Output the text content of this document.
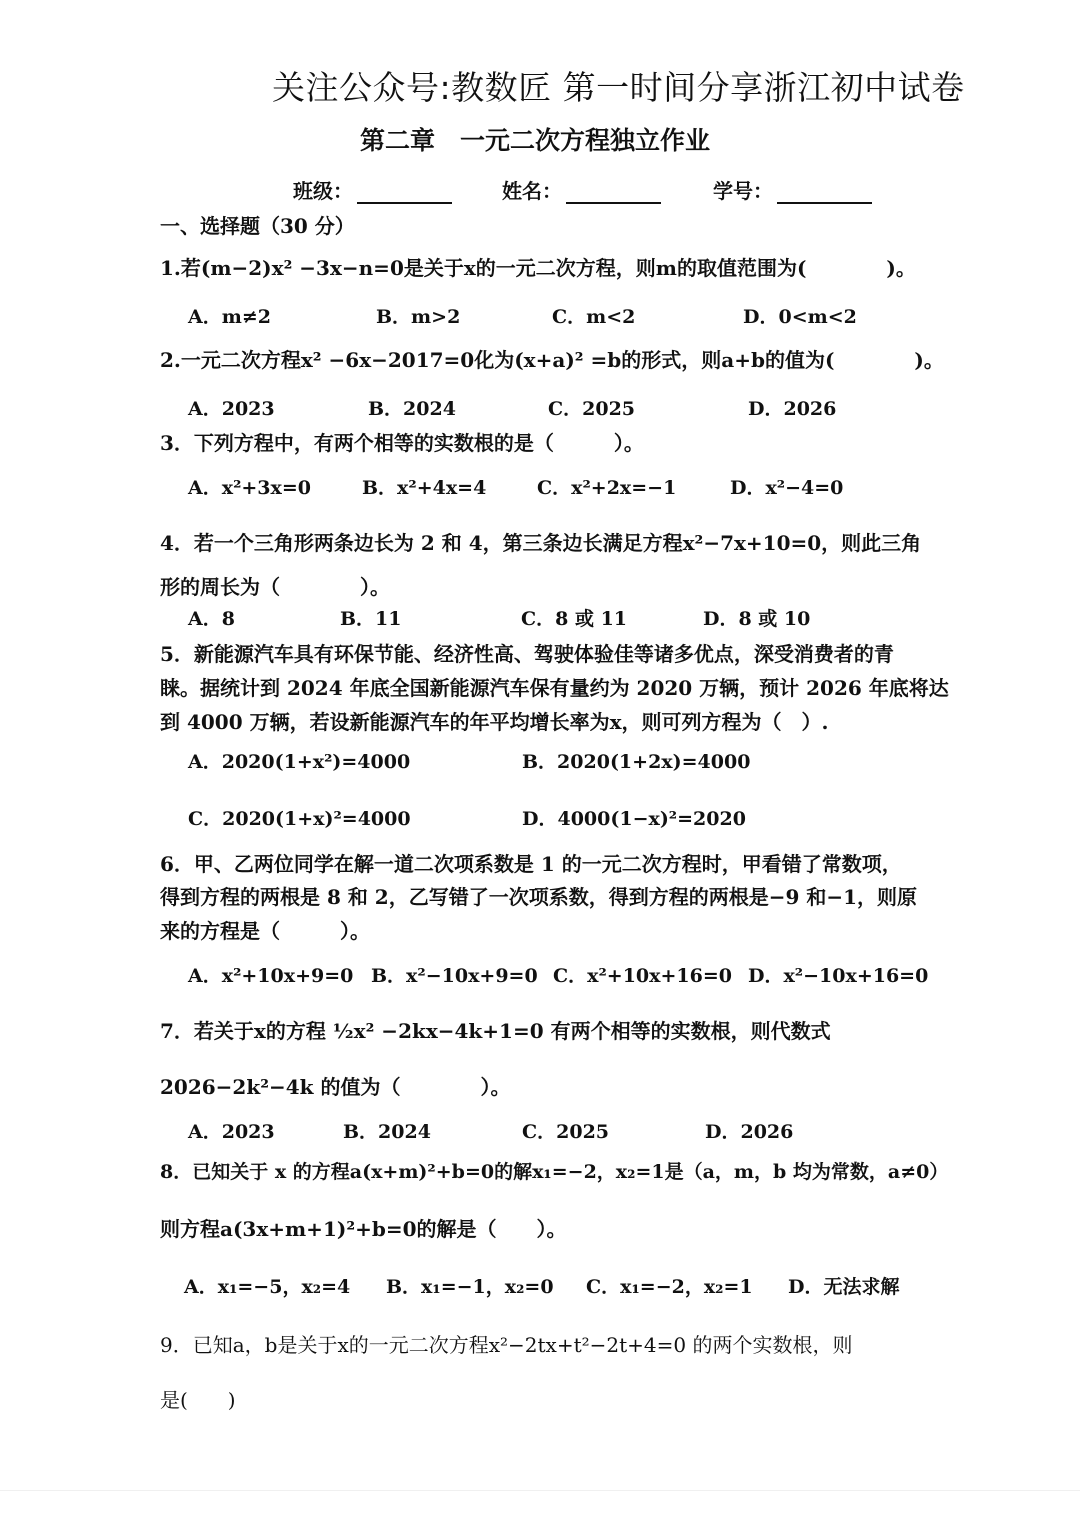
关注公众号:教数匠 第一时间分享浙江初中试卷
第二章　一元二次方程独立作业
班级：	姓名：	学号：
一、选择题（30 分）
1.若(m−2)x² −3x−n=0是关于x的一元二次方程，则m的取值范围为(　　　　)。
A．m≠2	B．m>2	C．m<2	D．0<m<2
2.一元二次方程x² −6x−2017=0化为(x+a)² =b的形式，则a+b的值为(　　　　)。
A．2023	B．2024	C．2025	D．2026
3．下列方程中，有两个相等的实数根的是（　　　）。
A．x²+3x=0	B．x²+4x=4	C．x²+2x=−1	D．x²−4=0
4．若一个三角形两条边长为 2 和 4，第三条边长满足方程x²−7x+10=0，则此三角
形的周长为（　　　　）。
A．8	B．11	C．8 或 11	D．8 或 10
5．新能源汽车具有环保节能、经济性高、驾驶体验佳等诸多优点，深受消费者的青
睐。据统计到 2024 年底全国新能源汽车保有量约为 2020 万辆，预计 2026 年底将达
到 4000 万辆，若设新能源汽车的年平均增长率为x，则可列方程为（　）.
A．2020(1+x²)=4000	B．2020(1+2x)=4000
C．2020(1+x)²=4000	D．4000(1−x)²=2020
6．甲、乙两位同学在解一道二次项系数是 1 的一元二次方程时，甲看错了常数项，
得到方程的两根是 8 和 2，乙写错了一次项系数，得到方程的两根是−9 和−1，则原
来的方程是（　　　）。
A．x²+10x+9=0 B．x²−10x+9=0 C．x²+10x+16=0 D．x²−10x+16=0
7．若关于x的方程 ½x² −2kx−4k+1=0 有两个相等的实数根，则代数式
2026−2k²−4k 的值为（　　　　）。
A．2023	B．2024	C．2025	D．2026
8．已知关于 x 的方程a(x+m)²+b=0的解x₁=−2，x₂=1是（a，m，b 均为常数，a≠0）
则方程a(3x+m+1)²+b=0的解是（　　）。
A．x₁=−5，x₂=4 B．x₁=−1，x₂=0 C．x₁=−2，x₂=1 D．无法求解
9．已知a，b是关于x的一元二次方程x²−2tx+t²−2t+4=0 的两个实数根，则
是(　　)
